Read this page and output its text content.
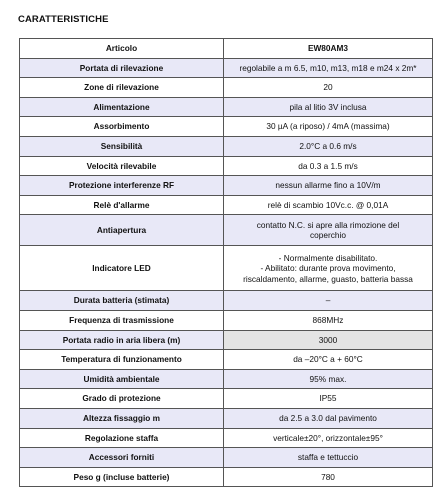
CARATTERISTICHE
Articolo	EW80AM3

Portata di rilevazione	regolabile a m 6.5, m10, m13, m18 e m24 x 2m*

Zone di rilevazione	20

Alimentazione	pila al litio 3V inclusa

Assorbimento	30 µA (a riposo) / 4mA (massima)

Sensibilità	2.0°C a 0.6 m/s

Velocità rilevabile	da 0.3 a 1.5 m/s

Protezione interferenze RF	nessun allarme fino a 10V/m

Relè d'allarme	relè di scambio 10Vc.c. @ 0,01A

Antiapertura	contatto N.C. si apre alla rimozione del
coperchio

Indicatore LED	- Normalmente disabilitato.
- Abilitato: durante prova movimento,
riscaldamento, allarme, guasto, batteria bassa

Durata batteria (stimata)	–

Frequenza di trasmissione	868MHz

Portata radio in aria libera (m)	3000

Temperatura di funzionamento	da –20°C a + 60°C

Umidità ambientale	95% max.

Grado di protezione	IP55

Altezza fissaggio m	da 2.5 a 3.0 dal pavimento

Regolazione staffa	verticale±20°, orizzontale±95°

Accessori forniti	staffa e tettuccio

Peso g (incluse batterie)	780
